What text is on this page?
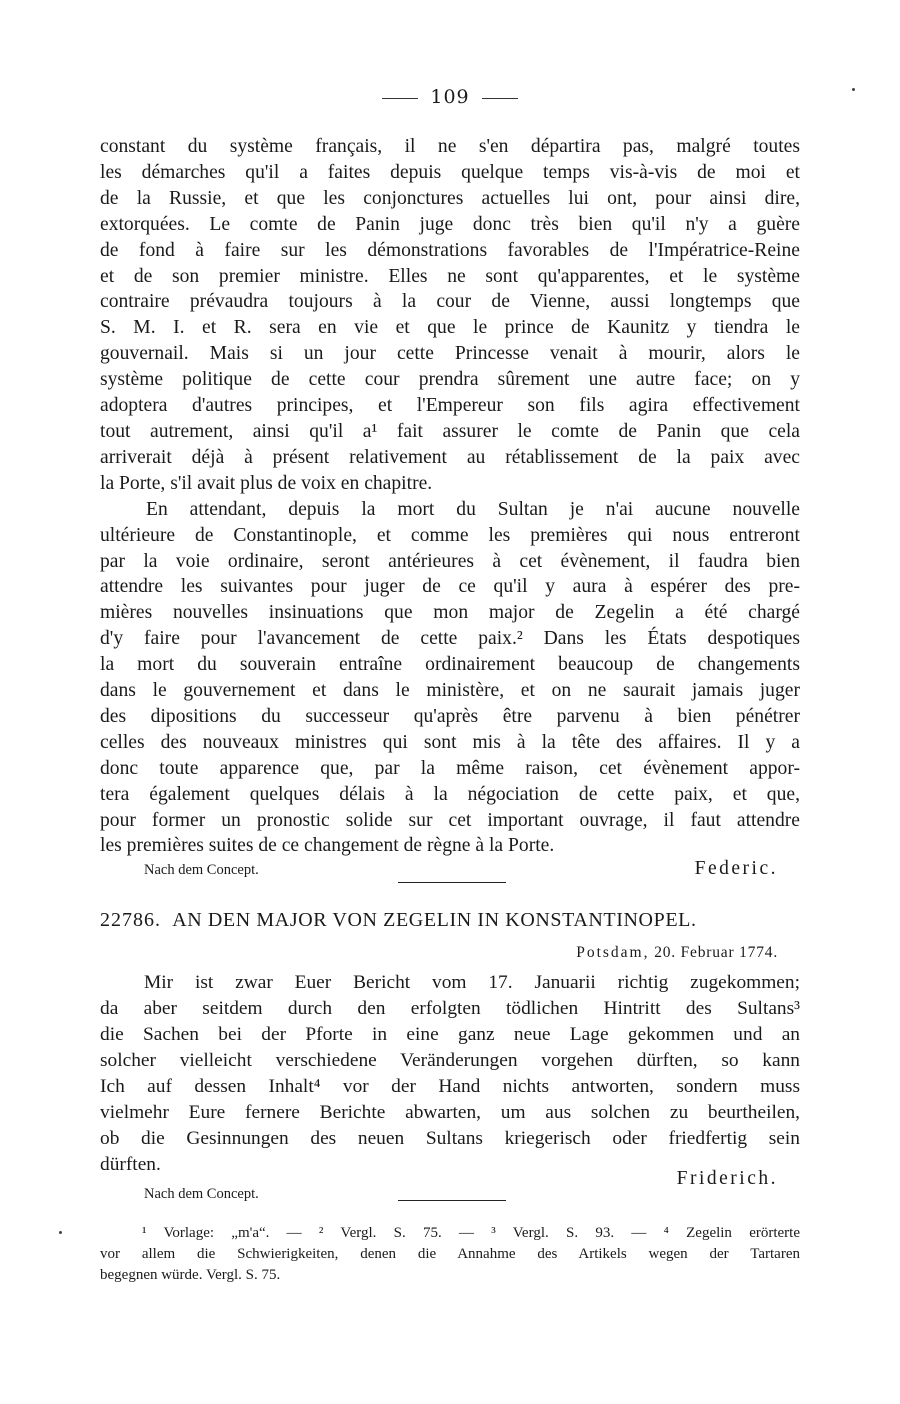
109
constant du système français, il ne s'en départira pas, malgré toutes
les démarches qu'il a faites depuis quelque temps vis-à-vis de moi et
de la Russie, et que les conjonctures actuelles lui ont, pour ainsi dire,
extorquées. Le comte de Panin juge donc très bien qu'il n'y a guère
de fond à faire sur les démonstrations favorables de l'Impératrice-Reine
et de son premier ministre. Elles ne sont qu'apparentes, et le système
contraire prévaudra toujours à la cour de Vienne, aussi longtemps que
S. M. I. et R. sera en vie et que le prince de Kaunitz y tiendra le
gouvernail. Mais si un jour cette Princesse venait à mourir, alors le
système politique de cette cour prendra sûrement une autre face; on y
adoptera d'autres principes, et l'Empereur son fils agira effectivement
tout autrement, ainsi qu'il a¹ fait assurer le comte de Panin que cela
arriverait déjà à présent relativement au rétablissement de la paix avec
la Porte, s'il avait plus de voix en chapitre.
En attendant, depuis la mort du Sultan je n'ai aucune nouvelle
ultérieure de Constantinople, et comme les premières qui nous entreront
par la voie ordinaire, seront antérieures à cet évènement, il faudra bien
attendre les suivantes pour juger de ce qu'il y aura à espérer des pre-
mières nouvelles insinuations que mon major de Zegelin a été chargé
d'y faire pour l'avancement de cette paix.² Dans les États despotiques
la mort du souverain entraîne ordinairement beaucoup de changements
dans le gouvernement et dans le ministère, et on ne saurait jamais juger
des dipositions du successeur qu'après être parvenu à bien pénétrer
celles des nouveaux ministres qui sont mis à la tête des affaires. Il y a
donc toute apparence que, par la même raison, cet évènement appor-
tera également quelques délais à la négociation de cette paix, et que,
pour former un pronostic solide sur cet important ouvrage, il faut attendre
les premières suites de ce changement de règne à la Porte.
Nach dem Concept.	Federic.
22786. AN DEN MAJOR VON ZEGELIN IN KONSTANTINOPEL.
Potsdam, 20. Februar 1774.
Mir ist zwar Euer Bericht vom 17. Januarii richtig zugekommen;
da aber seitdem durch den erfolgten tödlichen Hintritt des Sultans³
die Sachen bei der Pforte in eine ganz neue Lage gekommen und an
solcher vielleicht verschiedene Veränderungen vorgehen dürften, so kann
Ich auf dessen Inhalt⁴ vor der Hand nichts antworten, sondern muss
vielmehr Eure fernere Berichte abwarten, um aus solchen zu beurtheilen,
ob die Gesinnungen des neuen Sultans kriegerisch oder friedfertig sein
dürften.
Friderich.
Nach dem Concept.
¹ Vorlage: „m'a“. — ² Vergl. S. 75. — ³ Vergl. S. 93. — ⁴ Zegelin erörterte
vor allem die Schwierigkeiten, denen die Annahme des Artikels wegen der Tartaren
begegnen würde. Vergl. S. 75.
